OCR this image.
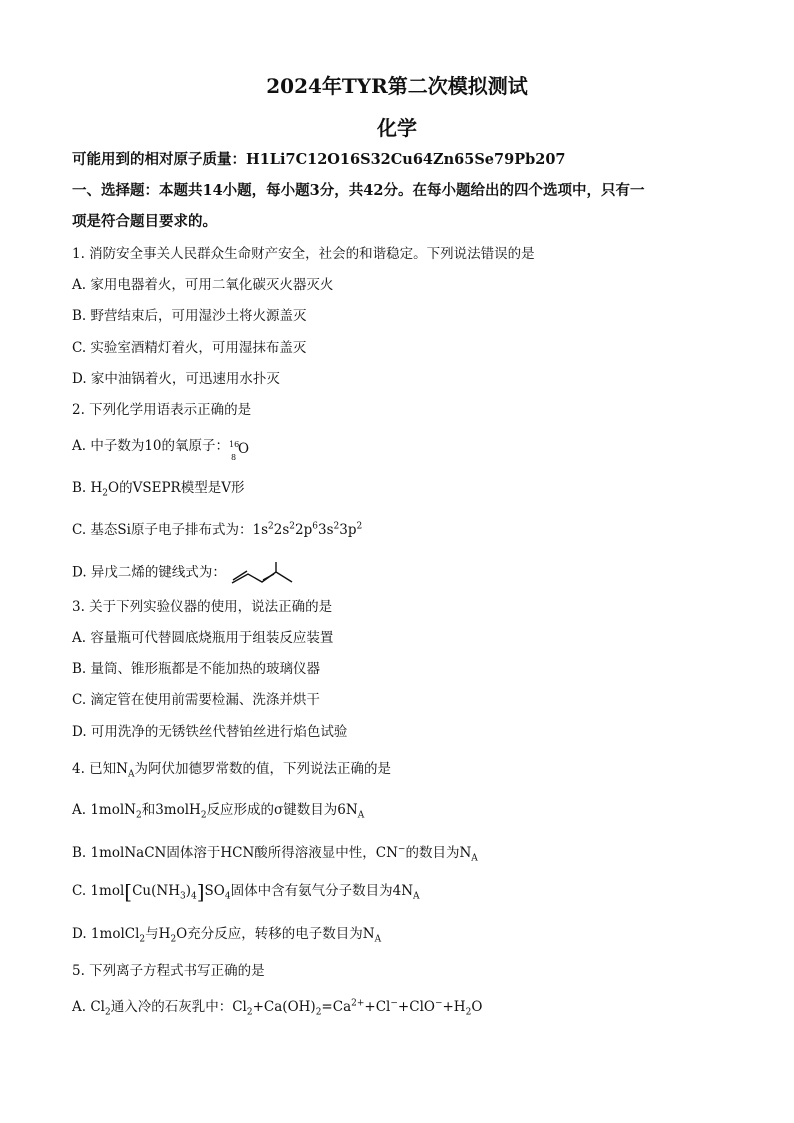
2024年TYR第二次模拟测试
化学
可能用到的相对原子质量：H1Li7C12O16S32Cu64Zn65Se79Pb207
一、选择题：本题共14小题，每小题3分，共42分。在每小题给出的四个选项中，只有一
项是符合题目要求的。
1. 消防安全事关人民群众生命财产安全，社会的和谐稳定。下列说法错误的是
A. 家用电器着火，可用二氧化碳灭火器灭火
B. 野营结束后，可用湿沙土将火源盖灭
C. 实验室酒精灯着火，可用湿抹布盖灭
D. 家中油锅着火，可迅速用水扑灭
2. 下列化学用语表示正确的是
A. 中子数为10的氧原子： 16
8
O
B. $H_2O$的VSEPR模型是V形
C. 基态Si原子电子排布式为：$1s^22s^22p^63s^23p^2$
D. 异戊二烯的键线式为：
3. 关于下列实验仪器的使用，说法正确的是
A. 容量瓶可代替圆底烧瓶用于组装反应装置
B. 量筒、锥形瓶都是不能加热的玻璃仪器
C. 滴定管在使用前需要检漏、洗涤并烘干
D. 可用洗净的无锈铁丝代替铂丝进行焰色试验
4. 已知$N_A$为阿伏加德罗常数的值，下列说法正确的是
A. 1molN$_2$和3molH$_2$反应形成的σ键数目为$6N_A$
B. 1molNaCN固体溶于HCN酸所得溶液显中性，CN−的数目为$N_A$
C. $1mol[Cu(NH_3)_4]SO_4$固体中含有氨气分子数目为$4N_A$
D. 1molCl$_2$与$H_2O$充分反应，转移的电子数目为$N_A$
5. 下列离子方程式书写正确的是
A. $Cl_2$通入冷的石灰乳中：$Cl_2+Ca(OH)_2=Ca^{2+}+Cl^-+ClO^-+H_2O$
